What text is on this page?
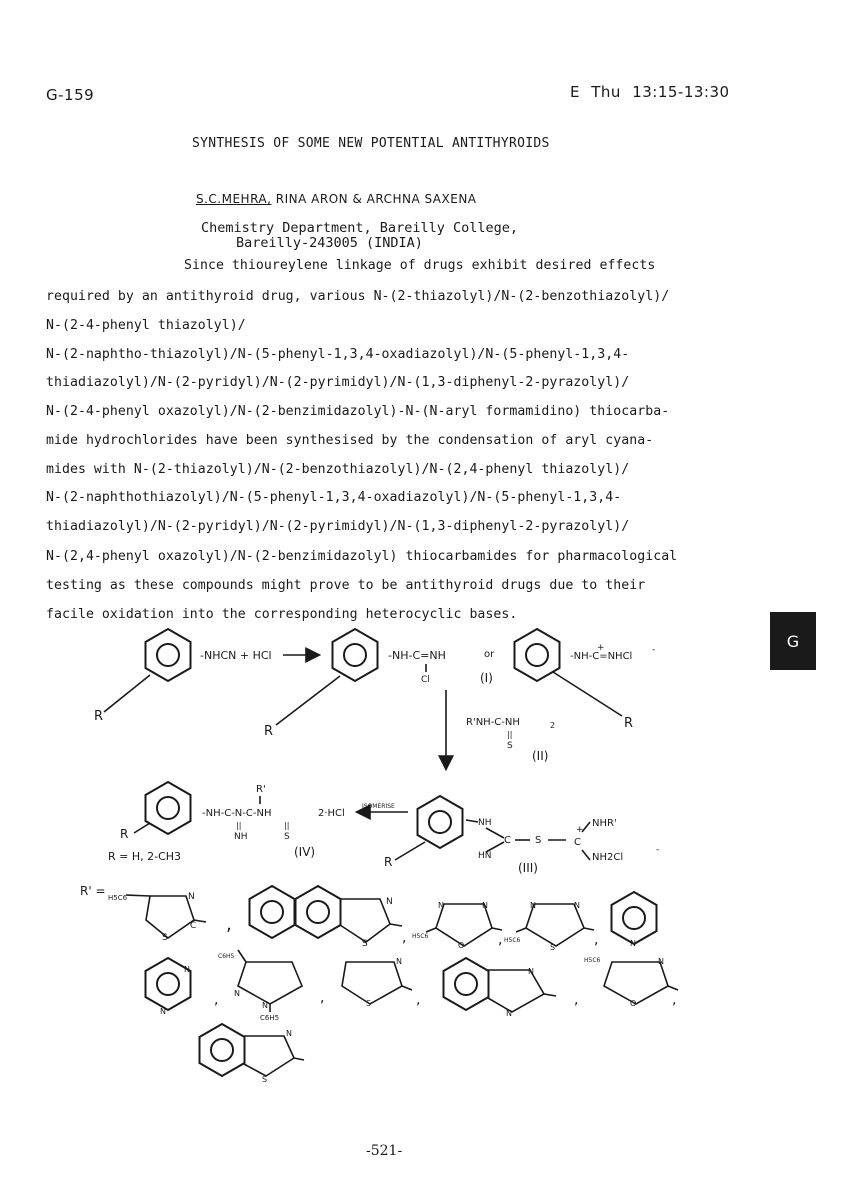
G-159	E Thu 13:15-13:30
SYNTHESIS OF SOME NEW POTENTIAL ANTITHYROIDS
S.C.MEHRA, RINA ARON & ARCHNA SAXENA
Chemistry Department, Bareilly College,
Bareilly-243005 (INDIA)
Since thioureylene linkage of drugs exhibit desired effects
required by an antithyroid drug, various N-(2-thiazolyl)/N-(2-benzothiazolyl)/
N-(2-4-phenyl thiazolyl)/
N-(2-naphtho-thiazolyl)/N-(5-phenyl-1,3,4-oxadiazolyl)/N-(5-phenyl-1,3,4-
thiadiazolyl)/N-(2-pyridyl)/N-(2-pyrimidyl)/N-(1,3-diphenyl-2-pyrazolyl)/
N-(2-4-phenyl oxazolyl)/N-(2-benzimidazolyl)-N-(N-aryl formamidino) thiocarba-
mide hydrochlorides have been synthesised by the condensation of aryl cyana-
mides with N-(2-thiazolyl)/N-(2-benzothiazolyl)/N-(2,4-phenyl thiazolyl)/
N-(2-naphthothiazolyl)/N-(5-phenyl-1,3,4-oxadiazolyl)/N-(5-phenyl-1,3,4-
thiadiazolyl)/N-(2-pyridyl)/N-(2-pyrimidyl)/N-(1,3-diphenyl-2-pyrazolyl)/
N-(2,4-phenyl oxazolyl)/N-(2-benzimidazolyl) thiocarbamides for pharmacological
testing as these compounds might prove to be antithyroid drugs due to their
facile oxidation into the corresponding heterocyclic bases.
G
-NHCN + HCl	-NH-C=NH
Cl
or	-NH-C=NHCl
+	-
(I)
R
R
R
R'NH-C-NH	2
||
S
(II)
R'
-NH-C-N-C-NH	2·HCl
||
NH
||
S
R
R = H, 2-CH3	(IV)
ISOMERISE
NH
C
HN
S	C
+
NHR'
NH2Cl
-
R	(III)
R' = H5C6	N
S
C ,
N
S ,
N	N
O
H5C6	,
N	N
S
H5C6	,	N
N
N
,
C6H5
N
N
C6H5
,
N
S	,
N
N
,
H5C6	N
O	,
N
S
-521-
